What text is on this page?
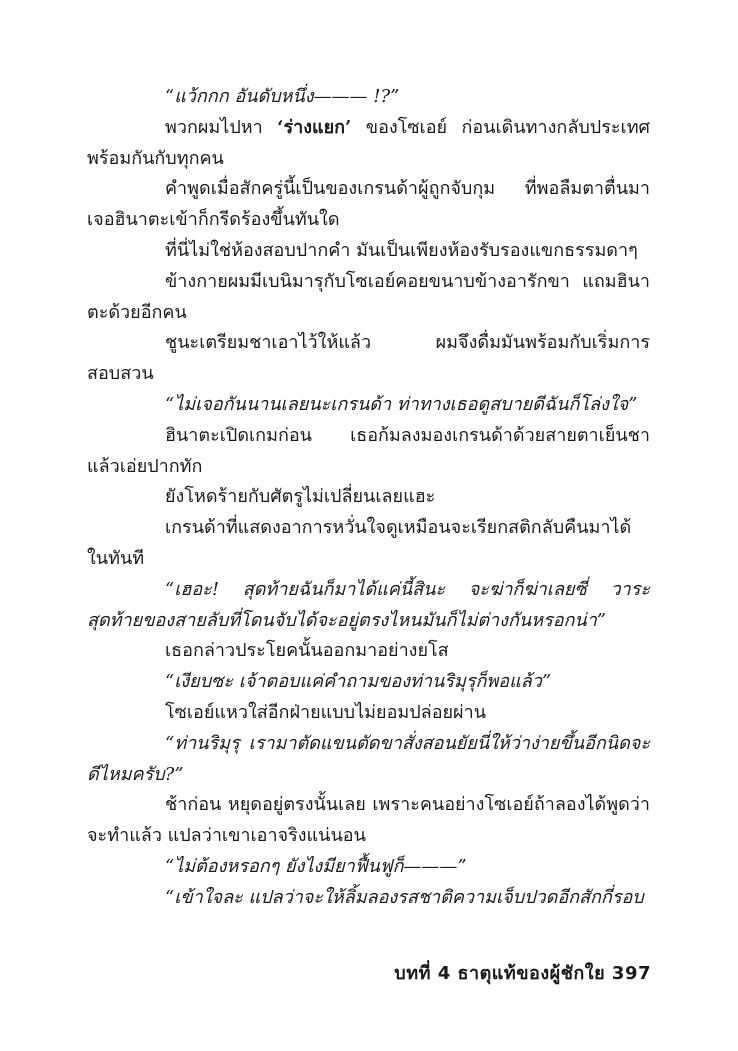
“แว้กกก อันดับหนึ่ง——— !?”

พวกผมไปหา ‘ร่างแยก’ ของโซเอย์ ก่อนเดินทางกลับประเทศพร้อมกันกับทุกคน

คำพูดเมื่อสักครู่นี้เป็นของเกรนด้าผู้ถูกจับกุม ที่พอลืมตาตื่นมาเจอฮินาตะเข้าก็กรีดร้องขึ้นทันใด

ที่นี่ไม่ใช่ห้องสอบปากคำ มันเป็นเพียงห้องรับรองแขกธรรมดาๆ

ข้างกายผมมีเบนิมารุกับโซเอย์คอยขนาบข้างอารักขา แถมฮินาตะด้วยอีกคน

ชูนะเตรียมชาเอาไว้ให้แล้ว ผมจึงดื่มมันพร้อมกับเริ่มการสอบสวน

“ไม่เจอกันนานเลยนะเกรนด้า ท่าทางเธอดูสบายดีฉันก็โล่งใจ”

ฮินาตะเปิดเกมก่อน เธอก้มลงมองเกรนด้าด้วยสายตาเย็นชาแล้วเอ่ยปากทัก

ยังโหดร้ายกับศัตรูไม่เปลี่ยนเลยแฮะ

เกรนด้าที่แสดงอาการหวั่นใจดูเหมือนจะเรียกสติกลับคืนมาได้ในทันที

“เฮอะ! สุดท้ายฉันก็มาได้แค่นี้สินะ จะฆ่าก็ฆ่าเลยซี่ วาระสุดท้ายของสายลับที่โดนจับได้จะอยู่ตรงไหนมันก็ไม่ต่างกันหรอกน่า”

เธอกล่าวประโยคนั้นออกมาอย่างยโส

“เงียบซะ เจ้าตอบแค่คำถามของท่านริมุรุก็พอแล้ว”

โซเอย์แหวใส่อีกฝ่ายแบบไม่ยอมปล่อยผ่าน

“ท่านริมุรุ เรามาตัดแขนตัดขาสั่งสอนยัยนี่ให้ว่าง่ายขึ้นอีกนิดจะดีไหมครับ?”

ช้าก่อน หยุดอยู่ตรงนั้นเลย เพราะคนอย่างโซเอย์ถ้าลองได้พูดว่าจะทำแล้ว แปลว่าเขาเอาจริงแน่นอน

“ไม่ต้องหรอกๆ ยังไงมียาฟื้นฟูก็———”

“เข้าใจละ แปลว่าจะให้ลิ้มลองรสชาติความเจ็บปวดอีกสักกี่รอบ

บทที่ 4 ธาตุแท้ของผู้ชักใย 397
